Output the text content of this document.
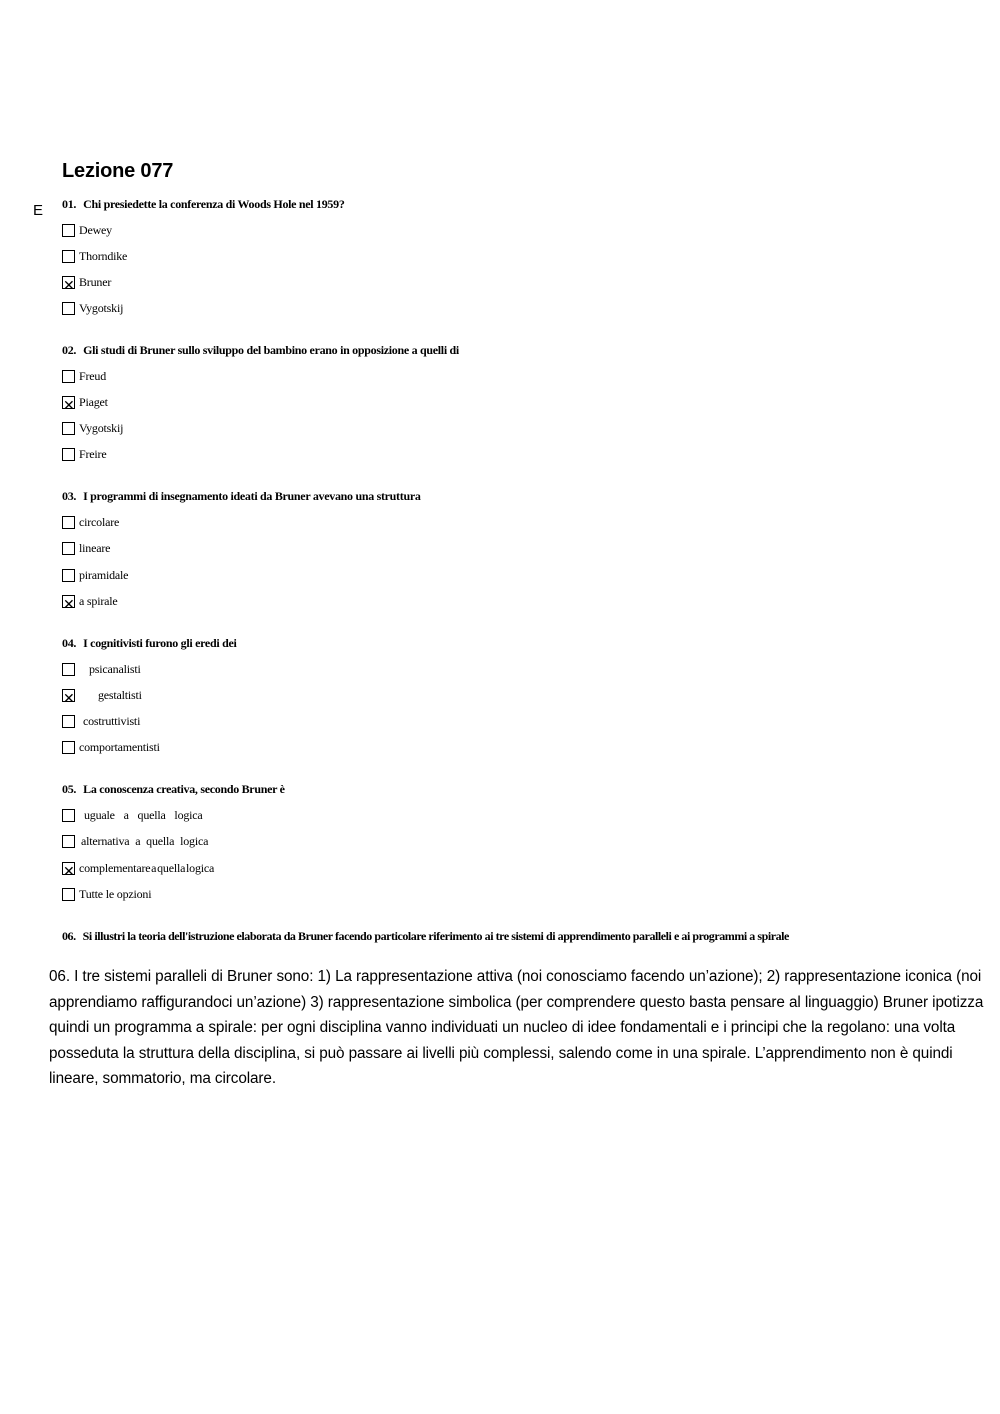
E
Lezione 077

01. Chi presiedette la conferenza di Woods Hole nel 1959?

Dewey
Thorndike
✕ Bruner
Vygotskij

02. Gli studi di Bruner sullo sviluppo del bambino erano in opposizione a quelli di

Freud
✕ Piaget
Vygotskij
Freire

03. I programmi di insegnamento ideati da Bruner avevano una struttura

circolare
lineare
piramidale
✕ a spirale

04. I cognitivisti furono gli eredi dei

psicanalisti
✕ gestaltisti
costruttivisti
comportamentisti

05. La conoscenza creativa, secondo Bruner è

uguale a quella logica
alternativa a quella logica
✕ complementare a quella logica
Tutte le opzioni

06. Si illustri la teoria dell'istruzione elaborata da Bruner facendo particolare riferimento ai tre sistemi di apprendimento paralleli e ai programmi a spirale

06. I tre sistemi paralleli di Bruner sono: 1) La rappresentazione attiva (noi conosciamo facendo un’azione); 2) rappresentazione iconica (noi apprendiamo raffigurandoci un’azione) 3) rappresentazione simbolica (per comprendere questo basta pensare al linguaggio) Bruner ipotizza quindi un programma a spirale: per ogni disciplina vanno individuati un nucleo di idee fondamentali e i principi che la regolano: una volta posseduta la struttura della disciplina, si può passare ai livelli più complessi, salendo come in una spirale. L’apprendimento non è quindi lineare, sommatorio, ma circolare.
